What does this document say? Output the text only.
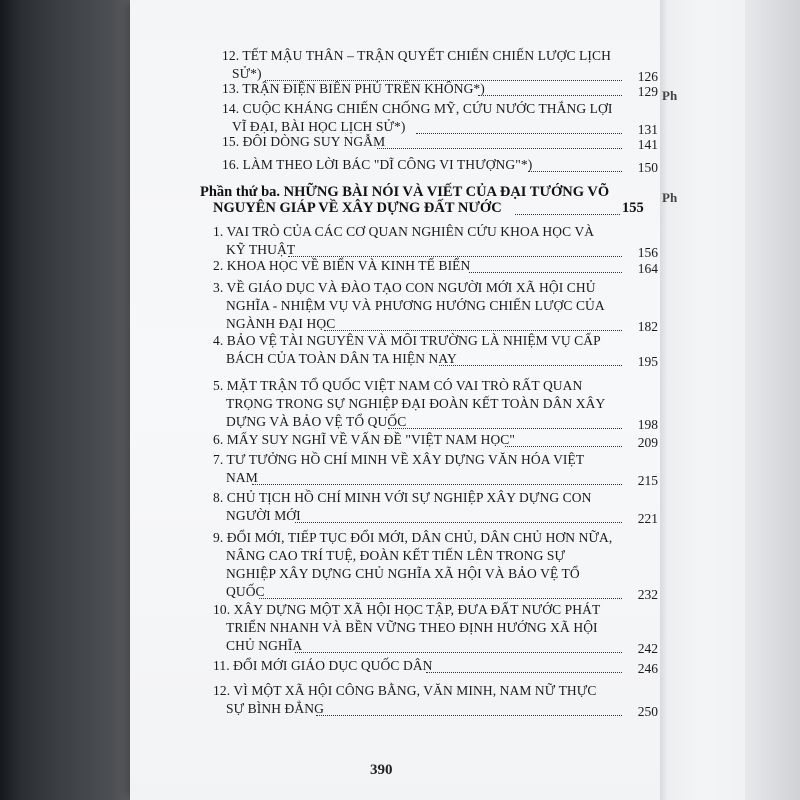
Ph
Ph
12. TẾT MẬU THÂN – TRẬN QUYẾT CHIẾN CHIẾN LƯỢC LỊCH
SỬ*)	126
13. TRẬN ĐIỆN BIÊN PHỦ TRÊN KHÔNG*)	129
14. CUỘC KHÁNG CHIẾN CHỐNG MỸ, CỨU NƯỚC THẮNG LỢI
VĨ ĐẠI, BÀI HỌC LỊCH SỬ*)	131
15. ĐÔI DÒNG SUY NGẪM	141
16. LÀM THEO LỜI BÁC "DĨ CÔNG VI THƯỢNG"*)	150
1. VAI TRÒ CỦA CÁC CƠ QUAN NGHIÊN CỨU KHOA HỌC VÀ
KỸ THUẬT	156
2. KHOA HỌC VỀ BIỂN VÀ KINH TẾ BIỂN	164
3. VỀ GIÁO DỤC VÀ ĐÀO TẠO CON NGƯỜI MỚI XÃ HỘI CHỦ
NGHĨA - NHIỆM VỤ VÀ PHƯƠNG HƯỚNG CHIẾN LƯỢC CỦA
NGÀNH ĐẠI HỌC	182
4. BẢO VỆ TÀI NGUYÊN VÀ MÔI TRƯỜNG LÀ NHIỆM VỤ CẤP
BÁCH CỦA TOÀN DÂN TA HIỆN NAY	195
5. MẶT TRẬN TỔ QUỐC VIỆT NAM CÓ VAI TRÒ RẤT QUAN
TRỌNG TRONG SỰ NGHIỆP ĐẠI ĐOÀN KẾT TOÀN DÂN XÂY
DỰNG VÀ BẢO VỆ TỔ QUỐC	198
6. MẤY SUY NGHĨ VỀ VẤN ĐỀ "VIỆT NAM HỌC"	209
7. TƯ TƯỞNG HỒ CHÍ MINH VỀ XÂY DỰNG VĂN HÓA VIỆT
NAM	215
8. CHỦ TỊCH HỒ CHÍ MINH VỚI SỰ NGHIỆP XÂY DỰNG CON
NGƯỜI MỚI	221
9. ĐỔI MỚI, TIẾP TỤC ĐỔI MỚI, DÂN CHỦ, DÂN CHỦ HƠN NỮA,
NÂNG CAO TRÍ TUỆ, ĐOÀN KẾT TIẾN LÊN TRONG SỰ
NGHIỆP XÂY DỰNG CHỦ NGHĨA XÃ HỘI VÀ BẢO VỆ TỔ
QUỐC	232
10. XÂY DỰNG MỘT XÃ HỘI HỌC TẬP, ĐƯA ĐẤT NƯỚC PHÁT
TRIỂN NHANH VÀ BỀN VỮNG THEO ĐỊNH HƯỚNG XÃ HỘI
CHỦ NGHĨA	242
11. ĐỔI MỚI GIÁO DỤC QUỐC DÂN	246
12. VÌ MỘT XÃ HỘI CÔNG BẰNG, VĂN MINH, NAM NỮ THỰC
SỰ BÌNH ĐẲNG	250
Phần thứ ba. NHỮNG BÀI NÓI VÀ VIẾT CỦA ĐẠI TƯỚNG VÕ
NGUYÊN GIÁP VỀ XÂY DỰNG ĐẤT NƯỚC	155
390
